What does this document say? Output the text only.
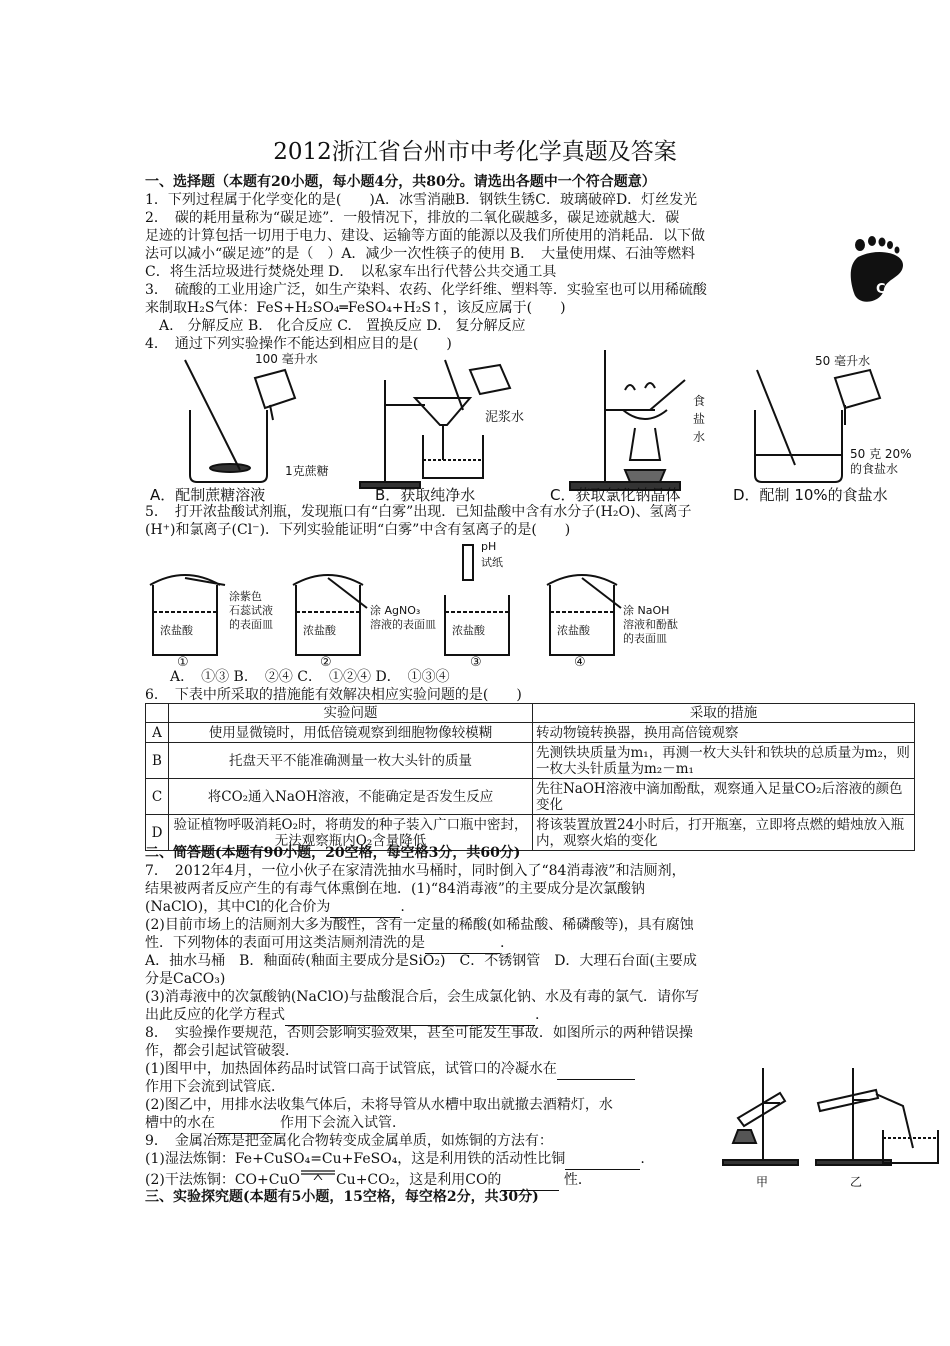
2012浙江省台州市中考化学真题及答案
一、选择题（本题有20小题，每小题4分，共80分。请选出各题中一个符合题意）
1．下列过程属于化学变化的是(　　)A．冰雪消融B．钢铁生锈C．玻璃破碎D．灯丝发光
2．　碳的耗用量称为“碳足迹”．一般情况下，排放的二氧化碳越多，碳足迹就越大．碳
足迹的计算包括一切用于电力、建设、运输等方面的能源以及我们所使用的消耗品．以下做
法可以减小“碳足迹”的是（　）A．减少一次性筷子的使用 B．　大量使用煤、石油等燃料
C．将生活垃圾进行焚烧处理 D．　以私家车出行代替公共交通工具
CO2
3．　硫酸的工业用途广泛，如生产染料、农药、化学纤维、塑料等．实验室也可以用稀硫酸
来制取H₂S气体：FeS+H₂SO₄═FeSO₄+H₂S↑，该反应属于(　　)
　A.　分解反应 B.　化合反应 C.　置换反应 D.　复分解反应
4．　通过下列实验操作不能达到相应目的是(　　)
100 毫升水
1克蔗糖
泥浆水
食
盐
水
50 毫升水
50 克 20%
的食盐水
A．配制蔗糖溶液	B．获取纯净水	C．获取氯化钠晶体	D．配制 10%的食盐水
5．　打开浓盐酸试剂瓶，发现瓶口有“白雾”出现．已知盐酸中含有水分子(H₂O)、氢离子
(H⁺)和氯离子(Cl⁻)．下列实验能证明“白雾”中含有氢离子的是(　　)
浓盐酸	浓盐酸	浓盐酸	浓盐酸
涂紫色
石蕊试液
的表面皿
涂 AgNO₃
溶液的表面皿
pH
试纸
涂 NaOH
溶液和酚酞
的表面皿
①	②	③	④
A．　①③ B．　②④ C．　①②④ D．　①③④
6．　下表中所采取的措施能有效解决相应实验问题的是(　　)
	实验问题	采取的措施
A	使用显微镜时，用低倍镜观察到细胞物像较模糊	转动物镜转换器，换用高倍镜观察
B	托盘天平不能准确测量一枚大头针的质量	先测铁块质量为m₁，再测一枚大头针和铁块的总质量为m₂，则一枚大头针质量为m₂－m₁
C	将CO₂通入NaOH溶液，不能确定是否发生反应	先往NaOH溶液中滴加酚酞，观察通入足量CO₂后溶液的颜色变化
D	验证植物呼吸消耗O₂时，将萌发的种子装入广口瓶中密封，无法观察瓶内O₂含量降低	将该装置放置24小时后，打开瓶塞，立即将点燃的蜡烛放入瓶内，观察火焰的变化
二、简答题(本题有90小题，20空格，每空格3分，共60分)
7．　2012年4月，一位小伙子在家清洗抽水马桶时，同时倒入了“84消毒液”和洁厕剂，
结果被两者反应产生的有毒气体熏倒在地．(1)“84消毒液”的主要成分是次氯酸钠
(NaClO)，其中Cl的化合价为	.
(2)目前市场上的洁厕剂大多为酸性，含有一定量的稀酸(如稀盐酸、稀磷酸等)，具有腐蚀
性．下列物体的表面可用这类洁厕剂清洗的是	.
A．抽水马桶　B．釉面砖(釉面主要成分是SiO₂)　C．不锈钢管　D．大理石台面(主要成
分是CaCO₃)
(3)消毒液中的次氯酸钠(NaClO)与盐酸混合后，会生成氯化钠、水及有毒的氯气．请你写
出此反应的化学方程式	.
8．　实验操作要规范，否则会影响实验效果，甚至可能发生事故．如图所示的两种错误操
作，都会引起试管破裂．
(1)图甲中，加热固体药品时试管口高于试管底，试管口的冷凝水在
作用下会流到试管底．
(2)图乙中，用排水法收集气体后，未将导管从水槽中取出就撤去酒精灯，水
槽中的水在	作用下会流入试管．
9．　金属冶炼是把金属化合物转变成金属单质，如炼铜的方法有：
(1)湿法炼铜：Fe+CuSO₄=Cu+FeSO₄，这是利用铁的活动性比铜	.
(2)干法炼铜：CO+CuO	Cu+CO₂，这是利用CO的	性．
三、实验探究题(本题有5小题，15空格，每空格2分，共30分)
甲	乙
